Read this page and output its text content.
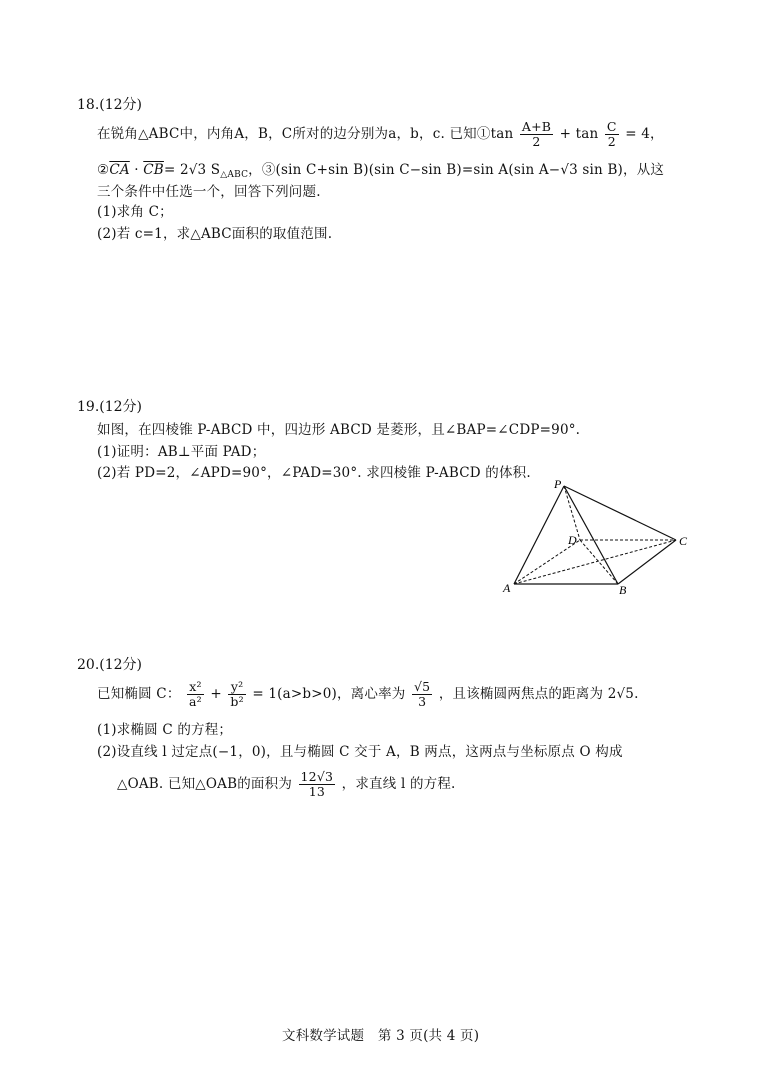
18.(12分)
在锐角△ABC中，内角A，B，C所对的边分别为a，b，c. 已知①tan $\frac{A+B}{2} + \tan \frac{C}{2} = 4$，
$②\overline{CA} \cdot \overline{CB}= 2√3$ $S_{\triangle ABC}$，③(sin C+sin B)(sin C−sin B)=sin A(sin A−√3 sin B)，从这
三个条件中任选一个，回答下列问题.
(1)求角 C；
(2)若 c=1，求△ABC面积的取值范围.
19.(12分)
如图，在四棱锥 P-ABCD 中，四边形 ABCD 是菱形，且∠BAP=∠CDP=90°.
(1)证明：AB⊥平面 PAD；
(2)若 PD=2，∠APD=90°，∠PAD=30°. 求四棱锥 P-ABCD 的体积.
P
A	B
C
D
20.(12分)
已知椭圆 C： $\frac{\text{x²}}{\text{a²}} + \frac{\text{y²}}{\text{b²}} = 1(a>b>0)$，离心率为 $\frac{√5}{3}$ ，且该椭圆两焦点的距离为 2√5.
(1)求椭圆 C 的方程；
(2)设直线 l 过定点(−1，0)，且与椭圆 C 交于 A，B 两点，这两点与坐标原点 O 构成
△OAB. 已知△OAB的面积为 $\frac{12√3}{13}$ ，求直线 l 的方程.
文科数学试题　第 3 页(共 4 页)
